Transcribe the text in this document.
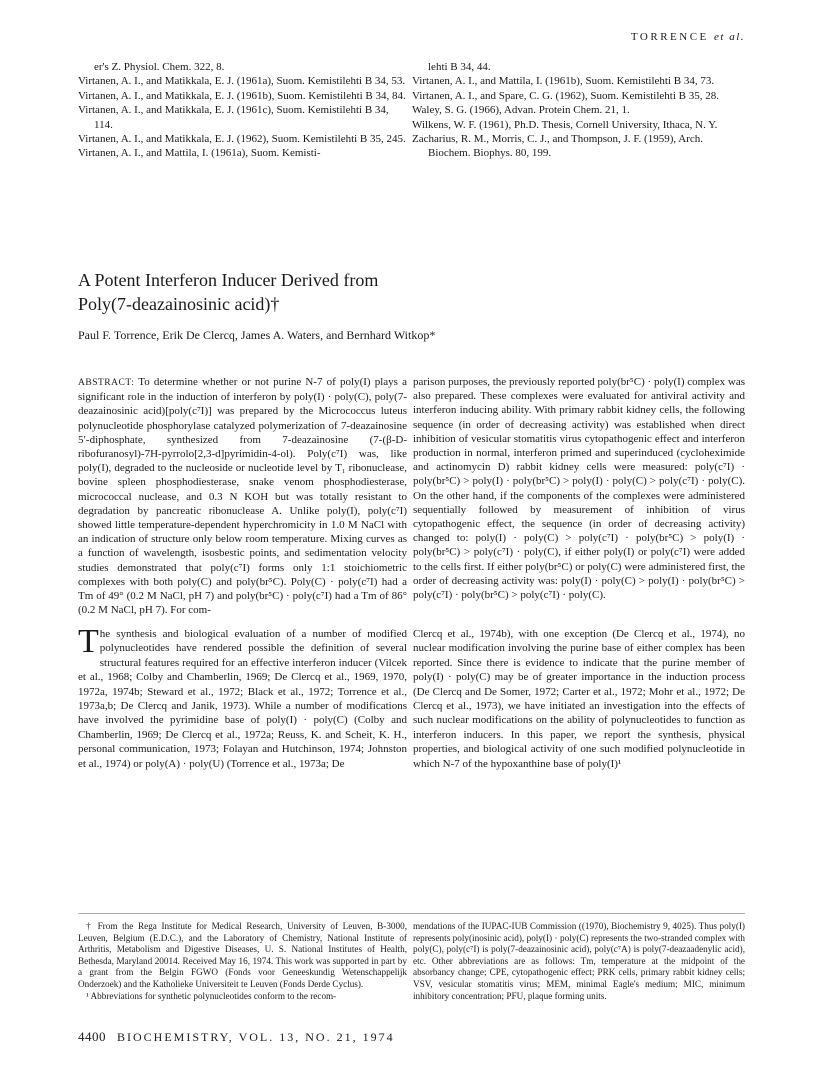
TORRENCE et al.
er's Z. Physiol. Chem. 322, 8.
Virtanen, A. I., and Matikkala, E. J. (1961a), Suom. Kemistilehti B 34, 53.
Virtanen, A. I., and Matikkala, E. J. (1961b), Suom. Kemistilehti B 34, 84.
Virtanen, A. I., and Matikkala, E. J. (1961c), Suom. Kemistilehti B 34, 114.
Virtanen, A. I., and Matikkala, E. J. (1962), Suom. Kemistilehti B 35, 245.
Virtanen, A. I., and Mattila, I. (1961a), Suom. Kemisti-
lehti B 34, 44.
Virtanen, A. I., and Mattila, I. (1961b), Suom. Kemistilehti B 34, 73.
Virtanen, A. I., and Spare, C. G. (1962), Suom. Kemistilehti B 35, 28.
Waley, S. G. (1966), Advan. Protein Chem. 21, 1.
Wilkens, W. F. (1961), Ph.D. Thesis, Cornell University, Ithaca, N. Y.
Zacharius, R. M., Morris, C. J., and Thompson, J. F. (1959), Arch. Biochem. Biophys. 80, 199.
A Potent Interferon Inducer Derived from
Poly(7-deazainosinic acid)†
Paul F. Torrence, Erik De Clercq, James A. Waters, and Bernhard Witkop*
ABSTRACT: To determine whether or not purine N-7 of poly(I) plays a significant role in the induction of interferon by poly(I) · poly(C), poly(7-deazainosinic acid)[poly(c⁷I)] was prepared by the Micrococcus luteus polynucleotide phosphorylase catalyzed polymerization of 7-deazainosine 5′-diphosphate, synthesized from 7-deazainosine (7-(β-D-ribofuranosyl)-7H-pyrrolo[2,3-d]pyrimidin-4-ol). Poly(c⁷I) was, like poly(I), degraded to the nucleoside or nucleotide level by T₁ ribonuclease, bovine spleen phosphodiesterase, snake venom phosphodiesterase, micrococcal nuclease, and 0.3 N KOH but was totally resistant to degradation by pancreatic ribonuclease A. Unlike poly(I), poly(c⁷I) showed little temperature-dependent hyperchromicity in 1.0 M NaCl with an indication of structure only below room temperature. Mixing curves as a function of wavelength, isosbestic points, and sedimentation velocity studies demonstrated that poly(c⁷I) forms only 1:1 stoichiometric complexes with both poly(C) and poly(br⁵C). Poly(C) · poly(c⁷I) had a Tm of 49° (0.2 M NaCl, pH 7) and poly(br⁵C) · poly(c⁷I) had a Tm of 86° (0.2 M NaCl, pH 7). For com-
parison purposes, the previously reported poly(br⁵C) · poly(I) complex was also prepared. These complexes were evaluated for antiviral activity and interferon inducing ability. With primary rabbit kidney cells, the following sequence (in order of decreasing activity) was established when direct inhibition of vesicular stomatitis virus cytopathogenic effect and interferon production in normal, interferon primed and superinduced (cycloheximide and actinomycin D) rabbit kidney cells were measured: poly(c⁷I) · poly(br⁵C) > poly(I) · poly(br⁵C) > poly(I) · poly(C) > poly(c⁷I) · poly(C). On the other hand, if the components of the complexes were administered sequentially followed by measurement of inhibition of virus cytopathogenic effect, the sequence (in order of decreasing activity) changed to: poly(I) · poly(C) > poly(c⁷I) · poly(br⁵C) > poly(I) · poly(br⁵C) > poly(c⁷I) · poly(C), if either poly(I) or poly(c⁷I) were added to the cells first. If either poly(br⁵C) or poly(C) were administered first, the order of decreasing activity was: poly(I) · poly(C) > poly(I) · poly(br⁵C) > poly(c⁷I) · poly(br⁵C) > poly(c⁷I) · poly(C).
The synthesis and biological evaluation of a number of modified polynucleotides have rendered possible the definition of several structural features required for an effective interferon inducer (Vilcek et al., 1968; Colby and Chamberlin, 1969; De Clercq et al., 1969, 1970, 1972a, 1974b; Steward et al., 1972; Black et al., 1972; Torrence et al., 1973a,b; De Clercq and Janik, 1973). While a number of modifications have involved the pyrimidine base of poly(I) · poly(C) (Colby and Chamberlin, 1969; De Clercq et al., 1972a; Reuss, K. and Scheit, K. H., personal communication, 1973; Folayan and Hutchinson, 1974; Johnston et al., 1974) or poly(A) · poly(U) (Torrence et al., 1973a; De
Clercq et al., 1974b), with one exception (De Clercq et al., 1974), no nuclear modification involving the purine base of either complex has been reported. Since there is evidence to indicate that the purine member of poly(I) · poly(C) may be of greater importance in the induction process (De Clercq and De Somer, 1972; Carter et al., 1972; Mohr et al., 1972; De Clercq et al., 1973), we have initiated an investigation into the effects of such nuclear modifications on the ability of polynucleotides to function as interferon inducers. In this paper, we report the synthesis, physical properties, and biological activity of one such modified polynucleotide in which N-7 of the hypoxanthine base of poly(I)¹

† From the Rega Institute for Medical Research, University of Leuven, B-3000, Leuven, Belgium (E.D.C.), and the Laboratory of Chemistry, National Institute of Arthritis, Metabolism and Digestive Diseases, U. S. National Institutes of Health, Bethesda, Maryland 20014. Received May 16, 1974. This work was supported in part by a grant from the Belgin FGWO (Fonds voor Geneeskundig Wetenschappelijk Onderzoek) and the Katholieke Universiteit te Leuven (Fonds Derde Cyclus).

¹ Abbreviations for synthetic polynucleotides conform to the recom-

mendations of the IUPAC-IUB Commission ((1970), Biochemistry 9, 4025). Thus poly(I) represents poly(inosinic acid), poly(I) · poly(C) represents the two-stranded complex with poly(C), poly(c⁷I) is poly(7-deazainosinic acid), poly(c⁷A) is poly(7-deazaadenylic acid), etc. Other abbreviations are as follows: Tm, temperature at the midpoint of the absorbancy change; CPE, cytopathogenic effect; PRK cells, primary rabbit kidney cells; VSV, vesicular stomatitis virus; MEM, minimal Eagle's medium; MIC, minimum inhibitory concentration; PFU, plaque forming units.

4400 BIOCHEMISTRY, VOL. 13, NO. 21, 1974
